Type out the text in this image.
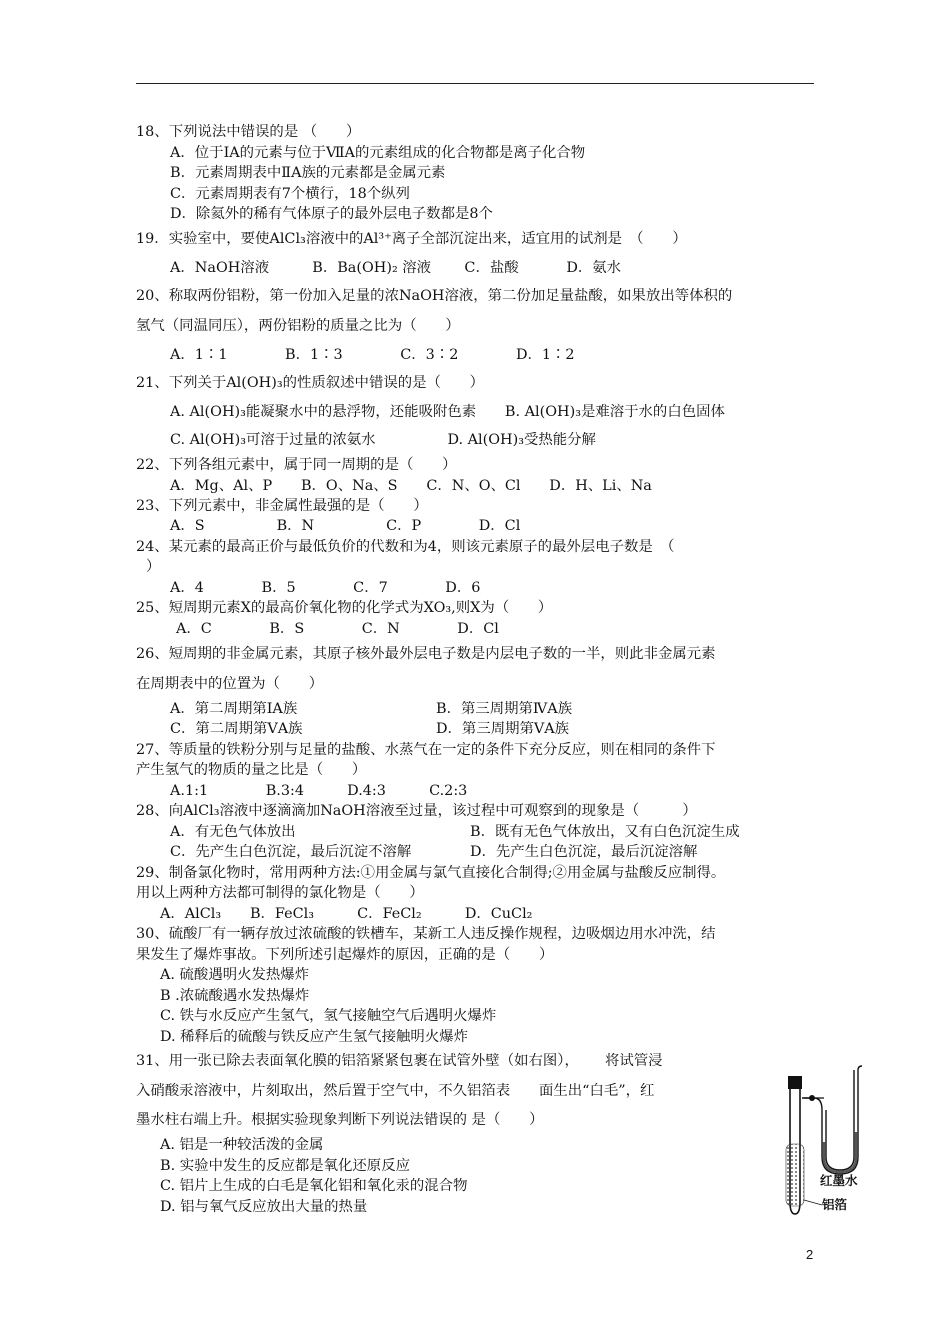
18、下列说法中错误的是 （　　）
A．位于ⅠA的元素与位于ⅦA的元素组成的化合物都是离子化合物
B．元素周期表中ⅡA族的元素都是金属元素
C．元素周期表有7个横行，18个纵列
D．除氦外的稀有气体原子的最外层电子数都是8个
19．实验室中，要使AlCl₃溶液中的Al³⁺离子全部沉淀出来，适宜用的试剂是　（　　）
A．NaOH溶液　　　B．Ba(OH)₂ 溶液　　 C．盐酸　　　 D．氨水
20、称取两份铝粉，第一份加入足量的浓NaOH溶液，第二份加足量盐酸，如果放出等体积的
氢气（同温同压），两份铝粉的质量之比为（　　）
A．1∶1　　　　B．1∶3　　　　C．3∶2　　　　D．1∶2
21、下列关于Al(OH)₃的性质叙述中错误的是（　　）
A. Al(OH)₃能凝聚水中的悬浮物，还能吸附色素　　B. Al(OH)₃是难溶于水的白色固体
C. Al(OH)₃可溶于过量的浓氨水　　　　　D. Al(OH)₃受热能分解
22、下列各组元素中，属于同一周期的是（　　）
A．Mg、Al、P　　B．O、Na、S　　C．N、O、Cl　　D．H、Li、Na
23、下列元素中，非金属性最强的是（　　）
A．S　　　　　B．N　　　　　C．P　　　　D．Cl
24、某元素的最高正价与最低负价的代数和为4，则该元素原子的最外层电子数是　（
）
A．4　　　　B．5　　　　C．7　　　　D．6
25、短周期元素X的最高价氧化物的化学式为XO₃,则X为（　　）
A．C　　　　B．S　　　　C．N　　　　D．Cl
26、短周期的非金属元素，其原子核外最外层电子数是内层电子数的一半，则此非金属元素
在周期表中的位置为（　　）
A．第二周期第ⅠA族	B．第三周期第ⅣA族
C．第二周期第ⅤA族	D．第三周期第ⅤA族
27、等质量的铁粉分别与足量的盐酸、水蒸气在一定的条件下充分反应，则在相同的条件下
产生氢气的物质的量之比是（　　）
A.1:1　　　　B.3:4　　　D.4:3　　　C.2:3
28、向AlCl₃溶液中逐滴滴加NaOH溶液至过量，该过程中可观察到的现象是（　　　）
A．有无色气体放出	B．既有无色气体放出，又有白色沉淀生成
C．先产生白色沉淀，最后沉淀不溶解	D．先产生白色沉淀，最后沉淀溶解
29、制备氯化物时，常用两种方法:①用金属与氯气直接化合制得;②用金属与盐酸反应制得。
用以上两种方法都可制得的氯化物是（　　）
A．AlCl₃　　B．FeCl₃　　　C．FeCl₂　　　D．CuCl₂
30、硫酸厂有一辆存放过浓硫酸的铁槽车，某新工人违反操作规程，边吸烟边用水冲洗，结
果发生了爆炸事故。下列所述引起爆炸的原因，正确的是（　　）
A. 硫酸遇明火发热爆炸
B .浓硫酸遇水发热爆炸
C. 铁与水反应产生氢气，氢气接触空气后遇明火爆炸
D. 稀释后的硫酸与铁反应产生氢气接触明火爆炸
31、用一张已除去表面氧化膜的铝箔紧紧包裹在试管外壁（如右图），　　 将试管浸
入硝酸汞溶液中，片刻取出，然后置于空气中，不久铝箔表　　面生出“白毛”，红
墨水柱右端上升。根据实验现象判断下列说法错误的 是（　　）
A. 铝是一种较活泼的金属
B. 实验中发生的反应都是氧化还原反应
C. 铝片上生成的白毛是氧化铝和氧化汞的混合物
D. 铝与氧气反应放出大量的热量
红墨水
铝箔
2
